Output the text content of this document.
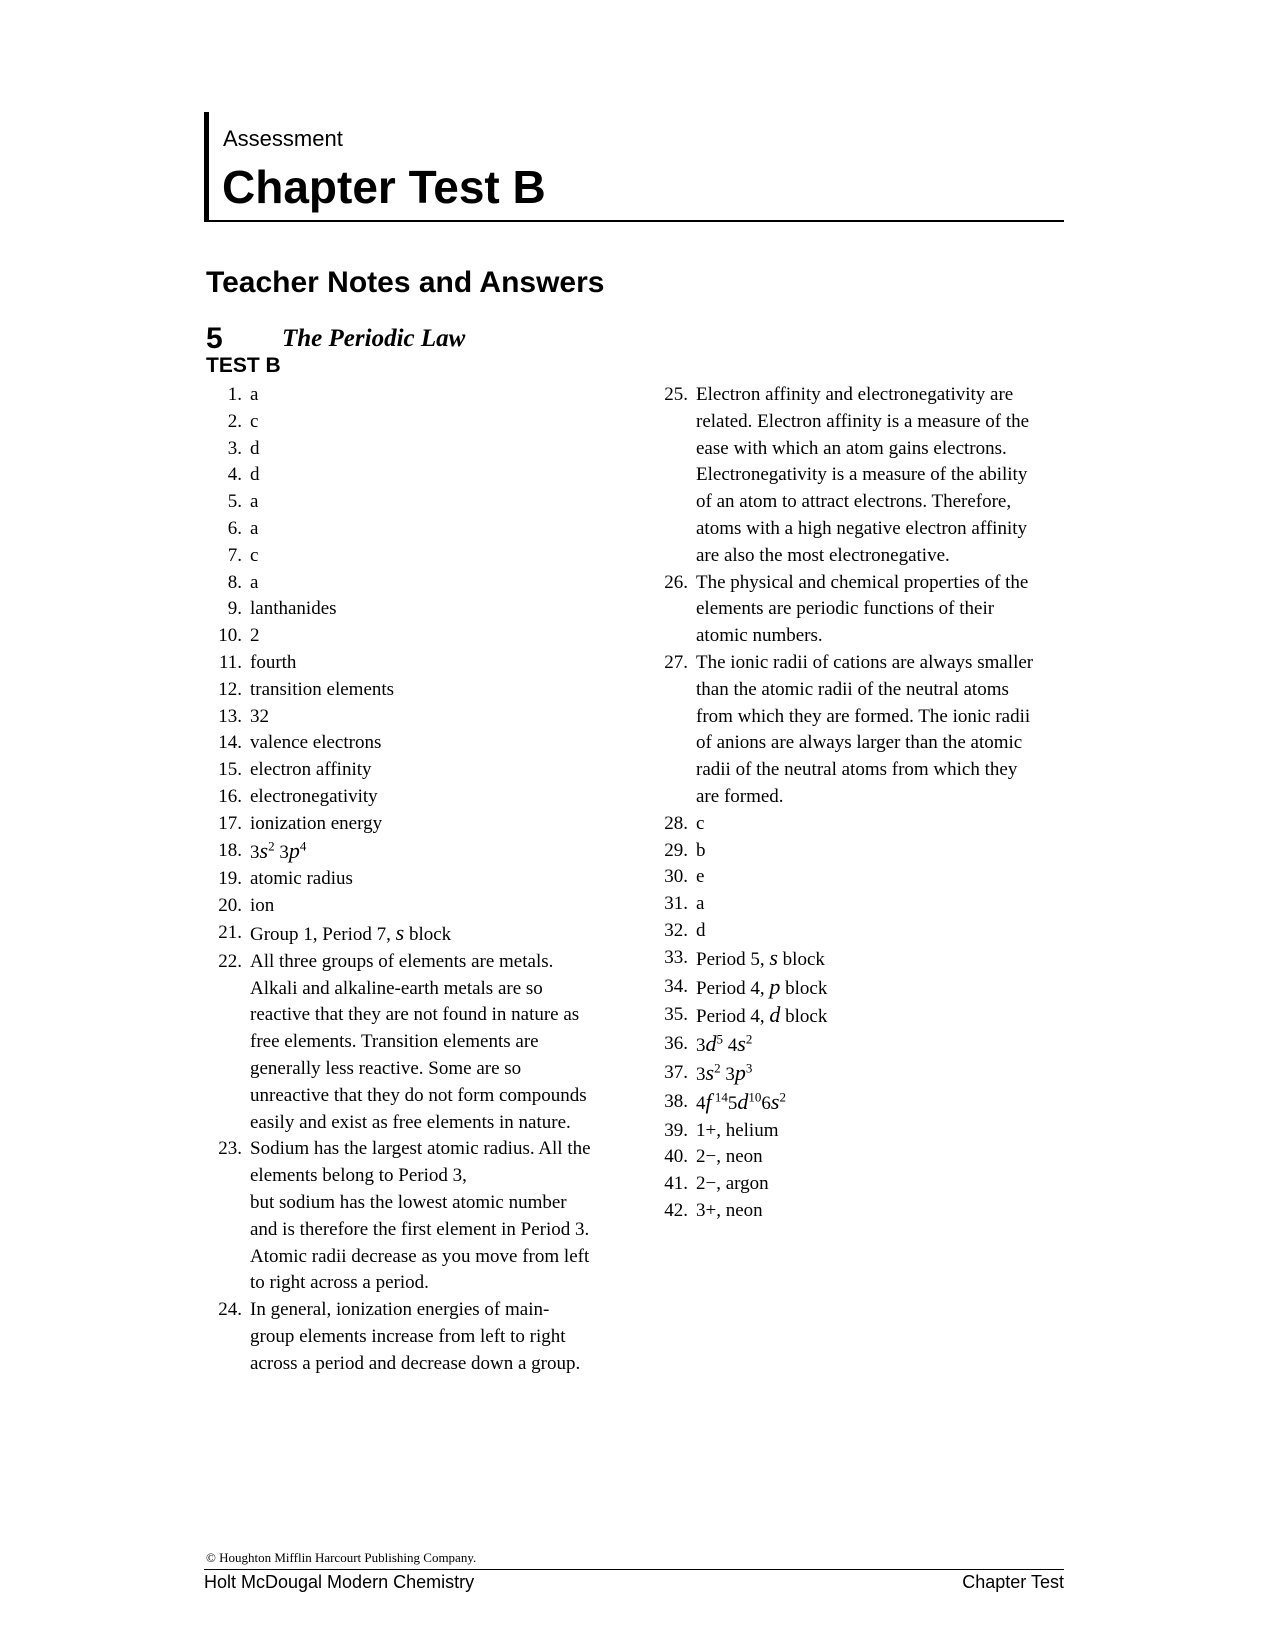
Assessment
Chapter Test B
Teacher Notes and Answers
5 The Periodic Law
TEST B
1. a
2. c
3. d
4. d
5. a
6. a
7. c
8. a
9. lanthanides
10. 2
11. fourth
12. transition elements
13. 32
14. valence electrons
15. electron affinity
16. electronegativity
17. ionization energy
18. $3s^2$ $3p^4$
19. atomic radius
20. ion
21. Group 1, Period 7, s block
22. All three groups of elements are metals.
Alkali and alkaline-earth metals are so
reactive that they are not found in nature as
free elements. Transition elements are
generally less reactive. Some are so
unreactive that they do not form compounds
easily and exist as free elements in nature.
23. Sodium has the largest atomic radius. All the
elements belong to Period 3,
but sodium has the lowest atomic number
and is therefore the first element in Period 3.
Atomic radii decrease as you move from left
to right across a period.
24. In general, ionization energies of main-
group elements increase from left to right
across a period and decrease down a group.
25. Electron affinity and electronegativity are
related. Electron affinity is a measure of the
ease with which an atom gains electrons.
Electronegativity is a measure of the ability
of an atom to attract electrons. Therefore,
atoms with a high negative electron affinity
are also the most electronegative.
26. The physical and chemical properties of the
elements are periodic functions of their
atomic numbers.
27. The ionic radii of cations are always smaller
than the atomic radii of the neutral atoms
from which they are formed. The ionic radii
of anions are always larger than the atomic
radii of the neutral atoms from which they
are formed.
28. c
29. b
30. e
31. a
32. d
33. Period 5, s block
34. Period 4, p block
35. Period 4, d block
36. $3d^5$ $4s^2$
37. $3s^2$ $3p^3$
38. 4f $^{14}5d^{10}6s^2$
39. 1+, helium
40. 2−, neon
41. 2−, argon
42. 3+, neon
© Houghton Mifflin Harcourt Publishing Company.
Holt McDougal Modern Chemistry	Chapter Test
